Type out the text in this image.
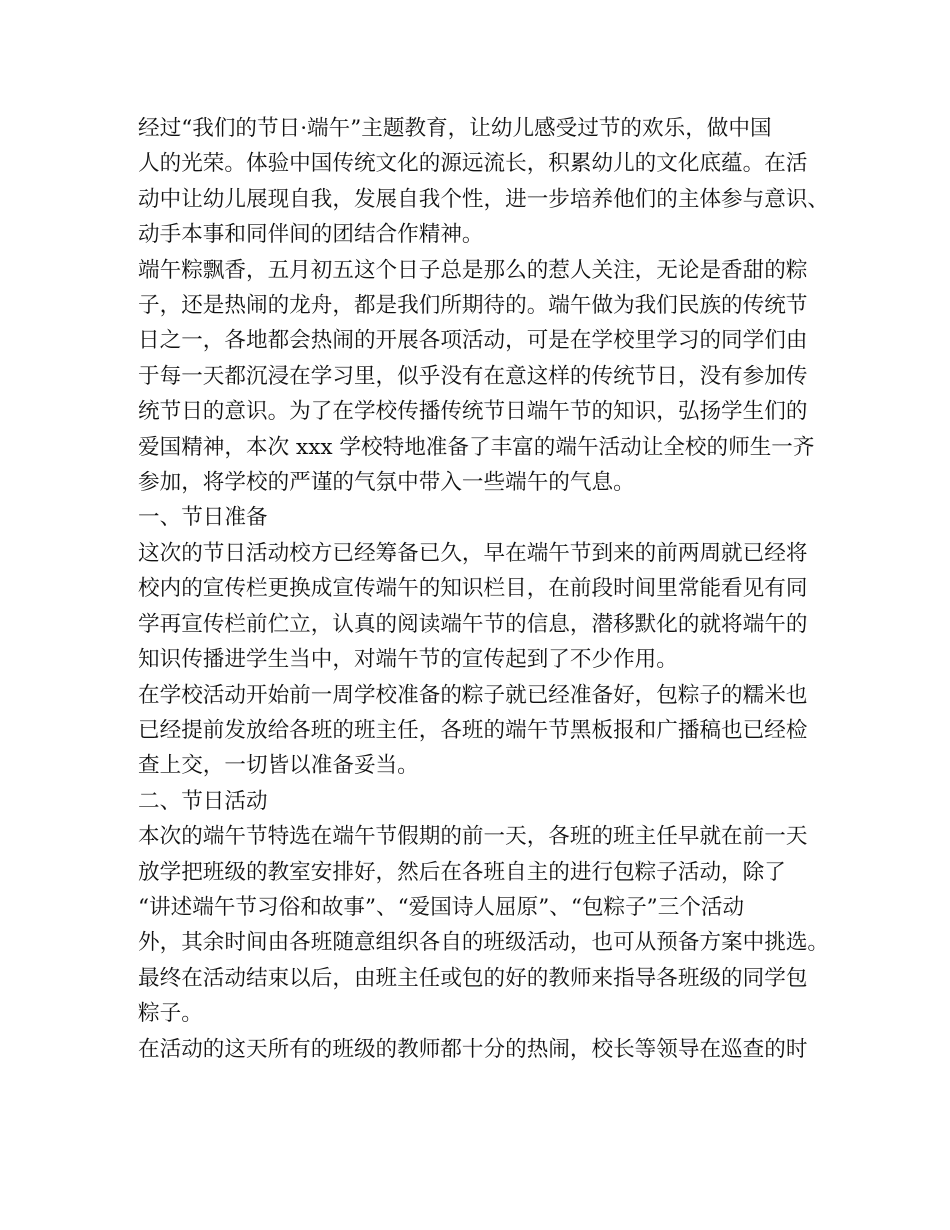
经过“我们的节日·端午”主题教育，让幼儿感受过节的欢乐，做中国
人的光荣。体验中国传统文化的源远流长，积累幼儿的文化底蕴。在活
动中让幼儿展现自我，发展自我个性，进一步培养他们的主体参与意识、
动手本事和同伴间的团结合作精神。

端午粽飘香，五月初五这个日子总是那么的惹人关注，无论是香甜的粽
子，还是热闹的龙舟，都是我们所期待的。端午做为我们民族的传统节
日之一，各地都会热闹的开展各项活动，可是在学校里学习的同学们由
于每一天都沉浸在学习里，似乎没有在意这样的传统节日，没有参加传
统节日的意识。为了在学校传播传统节日端午节的知识，弘扬学生们的
爱国精神，本次 xxx 学校特地准备了丰富的端午活动让全校的师生一齐
参加，将学校的严谨的气氛中带入一些端午的气息。

一、节日准备

这次的节日活动校方已经筹备已久，早在端午节到来的前两周就已经将
校内的宣传栏更换成宣传端午的知识栏目，在前段时间里常能看见有同
学再宣传栏前伫立，认真的阅读端午节的信息，潜移默化的就将端午的
知识传播进学生当中，对端午节的宣传起到了不少作用。

在学校活动开始前一周学校准备的粽子就已经准备好，包粽子的糯米也
已经提前发放给各班的班主任，各班的端午节黑板报和广播稿也已经检
查上交，一切皆以准备妥当。

二、节日活动

本次的端午节特选在端午节假期的前一天，各班的班主任早就在前一天
放学把班级的教室安排好，然后在各班自主的进行包粽子活动，除了
“讲述端午节习俗和故事”、“爱国诗人屈原”、“包粽子”三个活动
外，其余时间由各班随意组织各自的班级活动，也可从预备方案中挑选。
最终在活动结束以后，由班主任或包的好的教师来指导各班级的同学包
粽子。

在活动的这天所有的班级的教师都十分的热闹，校长等领导在巡查的时
